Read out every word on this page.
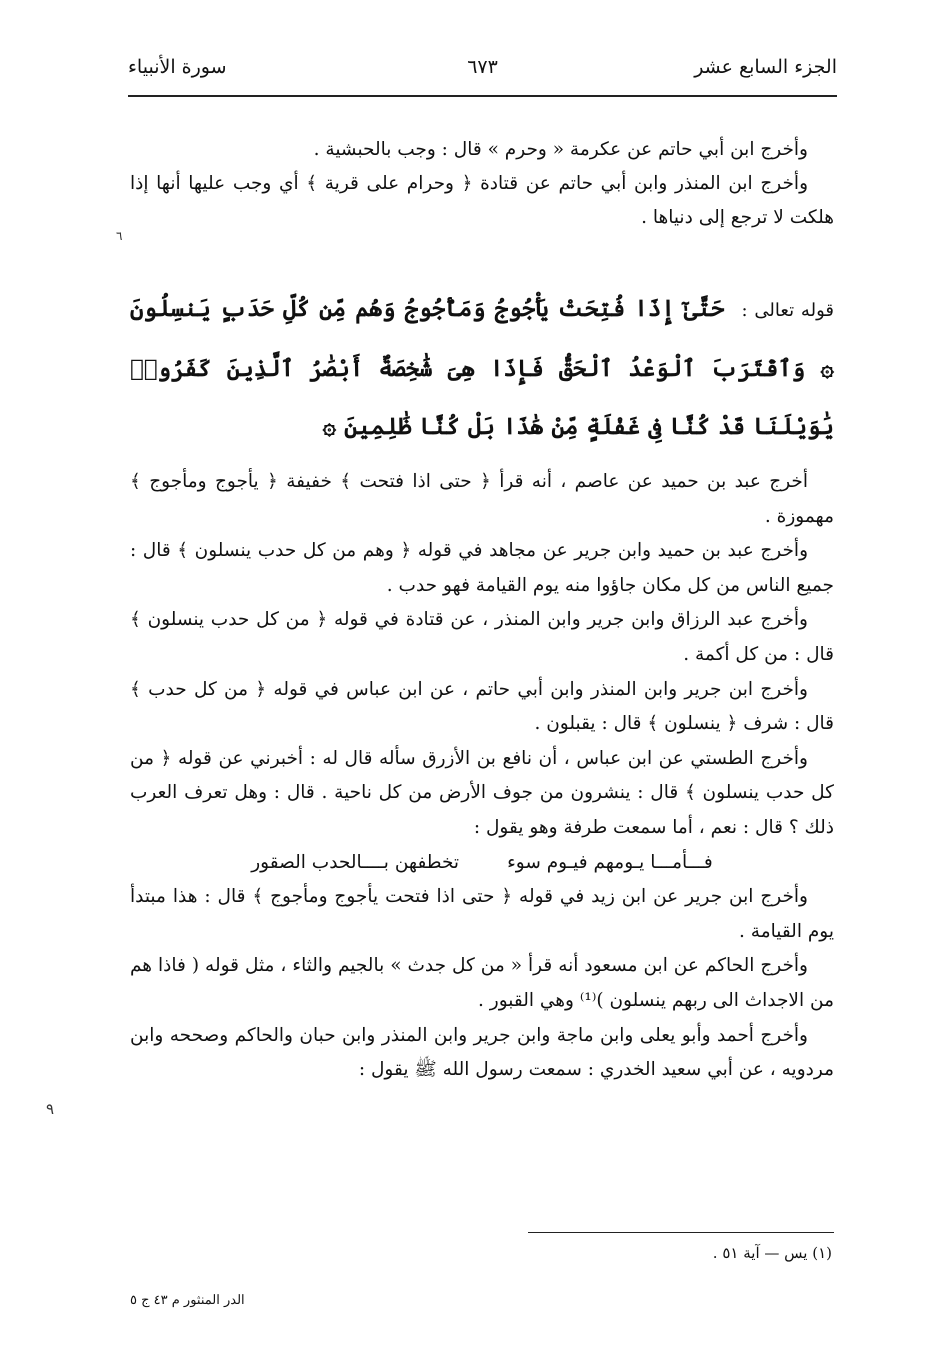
الجزء السابع عشر
٦٧٣
سورة الأنبياء

وأخرج ابن أبي حاتم عن عكرمة « وحرم » قال : وجب بالحبشية .

وأخرج ابن المنذر وابن أبي حاتم عن قتادة ﴿ وحرام على قرية ﴾ أي وجب عليها أنها إذا هلكت لا ترجع إلى دنياها .

٦

قوله تعالى : حَتَّىٰٓ إِذَا فُتِحَتْ يَأْجُوجُ وَمَأْجُوجُ وَهُم مِّن كُلِّ حَدَبٍ يَنسِلُونَ ۞ وَٱقْتَرَبَ ٱلْوَعْدُ ٱلْحَقُّ فَإِذَا هِىَ شَٰخِصَةٌ أَبْصَٰرُ ٱلَّذِينَ كَفَرُوا۟ يَٰوَيْلَنَا قَدْ كُنَّا فِى غَفْلَةٍ مِّنْ هَٰذَا بَلْ كُنَّا ظَٰلِمِينَ ۞

أخرج عبد بن حميد عن عاصم ، أنه قرأ ﴿ حتى اذا فتحت ﴾ خفيفة ﴿ يأجوج ومأجوج ﴾ مهموزة .

وأخرج عبد بن حميد وابن جرير عن مجاهد في قوله ﴿ وهم من كل حدب ينسلون ﴾ قال : جميع الناس من كل مكان جاؤوا منه يوم القيامة فهو حدب .

وأخرج عبد الرزاق وابن جرير وابن المنذر ، عن قتادة في قوله ﴿ من كل حدب ينسلون ﴾ قال : من كل أكمة .

وأخرج ابن جرير وابن المنذر وابن أبي حاتم ، عن ابن عباس في قوله ﴿ من كل حدب ﴾ قال : شرف ﴿ ينسلون ﴾ قال : يقبلون .

وأخرج الطستي عن ابن عباس ، أن نافع بن الأزرق سأله قال له : أخبرني عن قوله ﴿ من كل حدب ينسلون ﴾ قال : ينشرون من جوف الأرض من كل ناحية . قال : وهل تعرف العرب ذلك ؟ قال : نعم ، أما سمعت طرفة وهو يقول :

فـــأمـــا يـومهم فيـوم سوء
تخطفهن بــــالحدب الصقور

وأخرج ابن جرير عن ابن زيد في قوله ﴿ حتى اذا فتحت يأجوج ومأجوج ﴾ قال : هذا مبتدأ يوم القيامة .

وأخرج الحاكم عن ابن مسعود أنه قرأ « من كل جدث » بالجيم والثاء ، مثل قوله ( فاذا هم من الاجداث الى ربهم ينسلون )⁽¹⁾ وهي القبور .

وأخرج أحمد وأبو يعلى وابن ماجة وابن جرير وابن المنذر وابن حبان والحاكم وصححه وابن مردويه ، عن أبي سعيد الخدري : سمعت رسول الله ﷺ يقول :

٩
(١) يس — آية ٥١ .
الدر المنثور م ٤٣ ج ٥
